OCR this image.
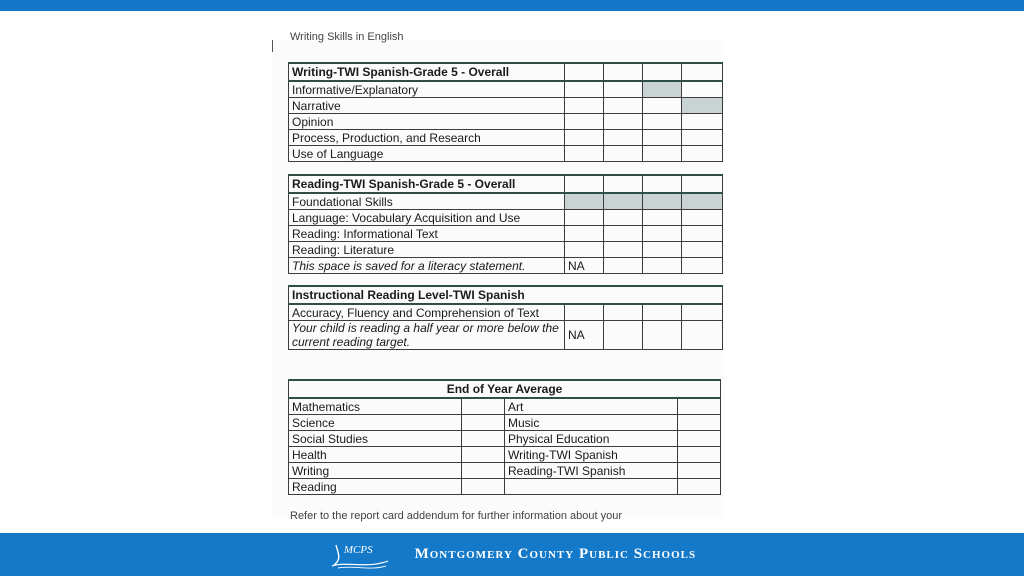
Writing Skills in English
Writing-TWI Spanish-Grade 5 - Overall				
Informative/Explanatory				
Narrative				
Opinion				
Process, Production, and Research				
Use of Language				
Reading-TWI Spanish-Grade 5 - Overall				
Foundational Skills				
Language: Vocabulary Acquisition and Use				
Reading: Informational Text				
Reading: Literature				
This space is saved for a literacy statement.	NA			
Instructional Reading Level-TWI Spanish				
Accuracy, Fluency and Comprehension of Text				
Your child is reading a half year or more below the current reading target.	NA			
End of Year Average			
Mathematics		Art	
Science		Music	
Social Studies		Physical Education	
Health		Writing-TWI Spanish	
Writing		Reading-TWI Spanish	
Reading			
Refer to the report card addendum for further information about your
MCPS	Montgomery County Public Schools
